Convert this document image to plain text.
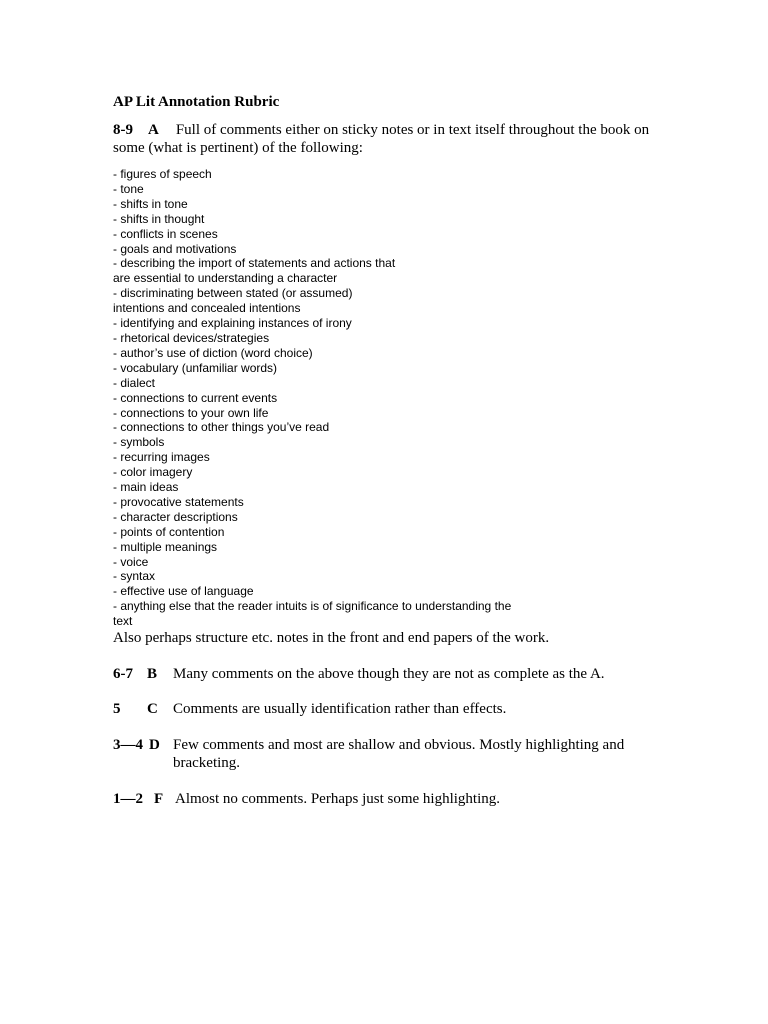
AP Lit Annotation Rubric

8-9 A Full of comments either on sticky notes or in text itself throughout the book on some (what is pertinent) of the following:

- figures of speech
- tone
- shifts in tone
- shifts in thought
- conflicts in scenes
- goals and motivations
- describing the import of statements and actions that
are essential to understanding a character
- discriminating between stated (or assumed)
intentions and concealed intentions
- identifying and explaining instances of irony
- rhetorical devices/strategies
- author’s use of diction (word choice)
- vocabulary (unfamiliar words)
- dialect
- connections to current events
- connections to your own life
- connections to other things you’ve read
- symbols
- recurring images
- color imagery
- main ideas
- provocative statements
- character descriptions
- points of contention
- multiple meanings
- voice
- syntax
- effective use of language
- anything else that the reader intuits is of significance to understanding the
text

Also perhaps structure etc. notes in the front and end papers of the work.

6-7 B	Many comments on the above though they are not as complete as the A.
5	C	Comments are usually identification rather than effects.
3—4 D Few comments and most are shallow and obvious. Mostly highlighting and bracketing.
1—2 F Almost no comments. Perhaps just some highlighting.
